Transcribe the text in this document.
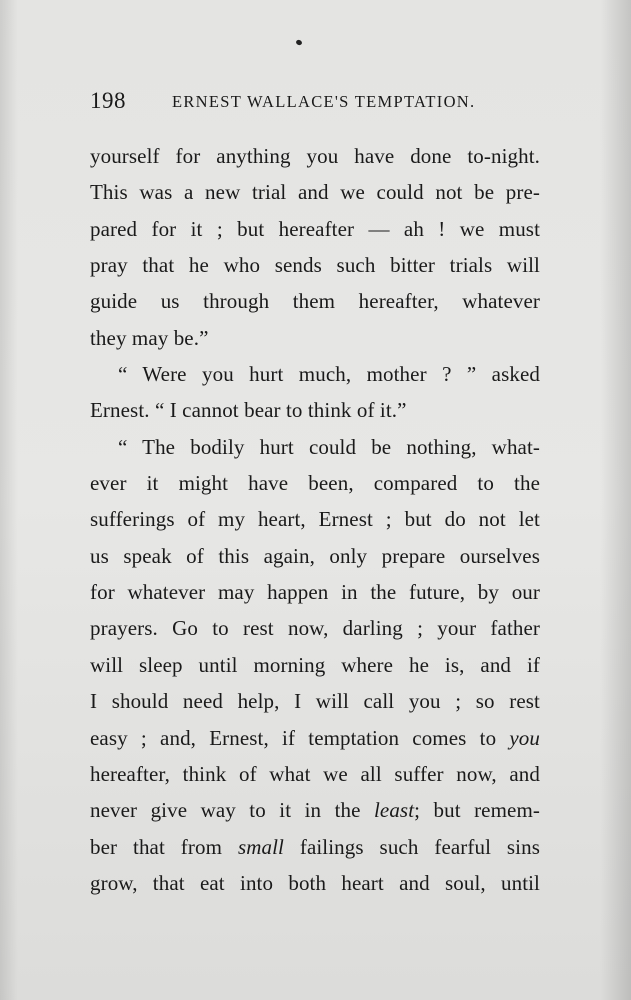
198	ERNEST WALLACE'S TEMPTATION.
yourself for anything you have done to-night.
This was a new trial and we could not be pre-
pared for it ; but hereafter — ah ! we must
pray that he who sends such bitter trials will
guide us through them hereafter, whatever
they may be.”
“ Were you hurt much, mother ? ” asked
Ernest. “ I cannot bear to think of it.”
“ The bodily hurt could be nothing, what-
ever it might have been, compared to the
sufferings of my heart, Ernest ; but do not let
us speak of this again, only prepare ourselves
for whatever may happen in the future, by our
prayers. Go to rest now, darling ; your father
will sleep until morning where he is, and if
I should need help, I will call you ; so rest
easy ; and, Ernest, if temptation comes to you
hereafter, think of what we all suffer now, and
never give way to it in the least; but remem-
ber that from small failings such fearful sins
grow, that eat into both heart and soul, until
